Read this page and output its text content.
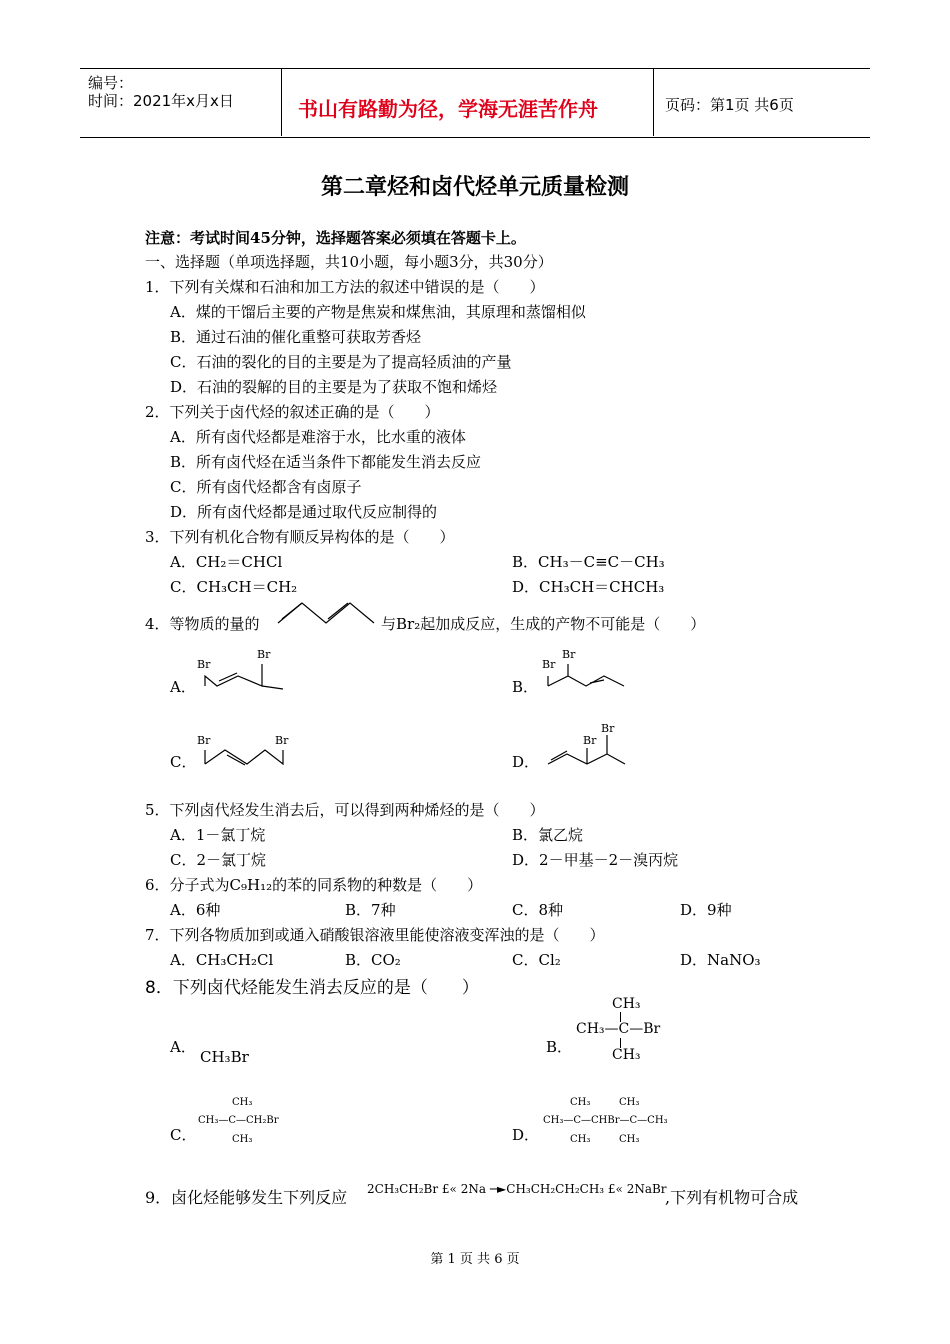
编号：
时间：2021年x月x日	书山有路勤为径，学海无涯苦作舟	页码：第1页 共6页
第二章烃和卤代烃单元质量检测
注意：考试时间45分钟，选择题答案必须填在答题卡上。
一、选择题（单项选择题，共10小题，每小题3分，共30分）
1．下列有关煤和石油和加工方法的叙述中错误的是（　　）
A．煤的干馏后主要的产物是焦炭和煤焦油，其原理和蒸馏相似
B．通过石油的催化重整可获取芳香烃
C．石油的裂化的目的主要是为了提高轻质油的产量
D．石油的裂解的目的主要是为了获取不饱和烯烃
2．下列关于卤代烃的叙述正确的是（　　）
A．所有卤代烃都是难溶于水，比水重的液体
B．所有卤代烃在适当条件下都能发生消去反应
C．所有卤代烃都含有卤原子
D．所有卤代烃都是通过取代反应制得的
3．下列有机化合物有顺反异构体的是（　　）
A．CH₂＝CHCl	B．CH₃－C≡C－CH₃
C．CH₃CH＝CH₂	D．CH₃CH＝CHCH₃
4．等物质的量的	与Br₂起加成反应，生成的产物不可能是（　　）
A．
Br
Br
B．
Br
Br
C．
Br	Br
D．
Br
Br
5．下列卤代烃发生消去后，可以得到两种烯烃的是（　　）
A．1－氯丁烷	B．氯乙烷
C．2－氯丁烷	D．2－甲基－2－溴丙烷
6．分子式为C₉H₁₂的苯的同系物的种数是（　　）
A．6种	B．7种	C．8种	D．9种
7．下列各物质加到或通入硝酸银溶液里能使溶液变浑浊的是（　　）
A．CH₃CH₂Cl	B．CO₂	C．Cl₂	D．NaNO₃
8．下列卤代烃能发生消去反应的是（　　）
A．
CH₃Br
B．
CH₃
CH₃—C—Br
CH₃
C．
CH₃
CH₃—C—CH₂Br
CH₃	D．
CH₃         CH₃
CH₃—C—CHBr—C—CH₃
CH₃         CH₃
9．卤化烃能够发生下列反应 2CH₃CH₂Br £« 2Na ─►CH₃CH₂CH₂CH₃ £« 2NaBr
,下列有机物可合成
第 1 页 共 6 页
